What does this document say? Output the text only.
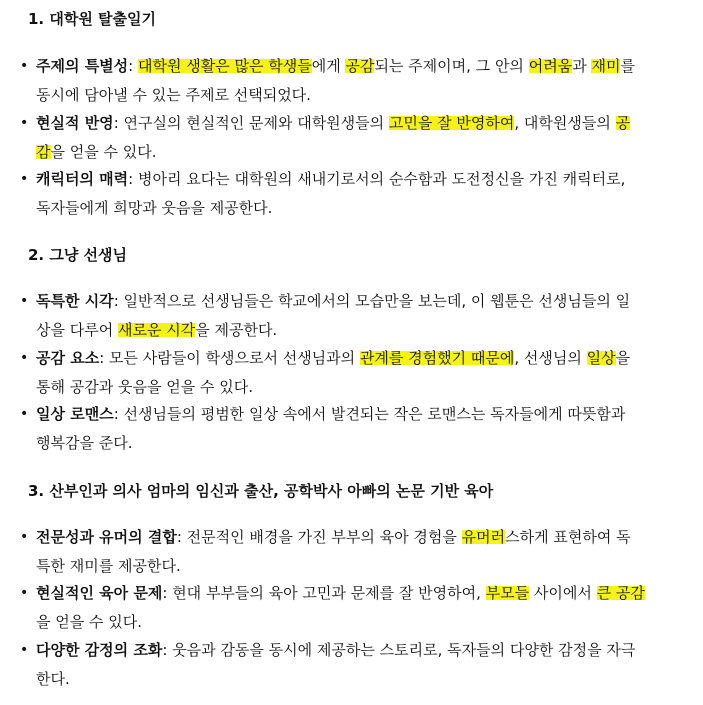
1. 대학원 탈출일기
• 주제의 특별성: 대학원 생활은 많은 학생들에게 공감되는 주제이며, 그 안의 어려움과 재미를
동시에 담아낼 수 있는 주제로 선택되었다.
• 현실적 반영: 연구실의 현실적인 문제와 대학원생들의 고민을 잘 반영하여, 대학원생들의 공
감을 얻을 수 있다.
• 캐릭터의 매력: 병아리 요다는 대학원의 새내기로서의 순수함과 도전정신을 가진 캐릭터로,
독자들에게 희망과 웃음을 제공한다.
2. 그냥 선생님
• 독특한 시각: 일반적으로 선생님들은 학교에서의 모습만을 보는데, 이 웹툰은 선생님들의 일
상을 다루어 새로운 시각을 제공한다.
• 공감 요소: 모든 사람들이 학생으로서 선생님과의 관계를 경험했기 때문에, 선생님의 일상을
통해 공감과 웃음을 얻을 수 있다.
• 일상 로맨스: 선생님들의 평범한 일상 속에서 발견되는 작은 로맨스는 독자들에게 따뜻함과
행복감을 준다.
3. 산부인과 의사 엄마의 임신과 출산, 공학박사 아빠의 논문 기반 육아
• 전문성과 유머의 결합: 전문적인 배경을 가진 부부의 육아 경험을 유머러스하게 표현하여 독
특한 재미를 제공한다.
• 현실적인 육아 문제: 현대 부부들의 육아 고민과 문제를 잘 반영하여, 부모들 사이에서 큰 공감
을 얻을 수 있다.
• 다양한 감정의 조화: 웃음과 감동을 동시에 제공하는 스토리로, 독자들의 다양한 감정을 자극
한다.
